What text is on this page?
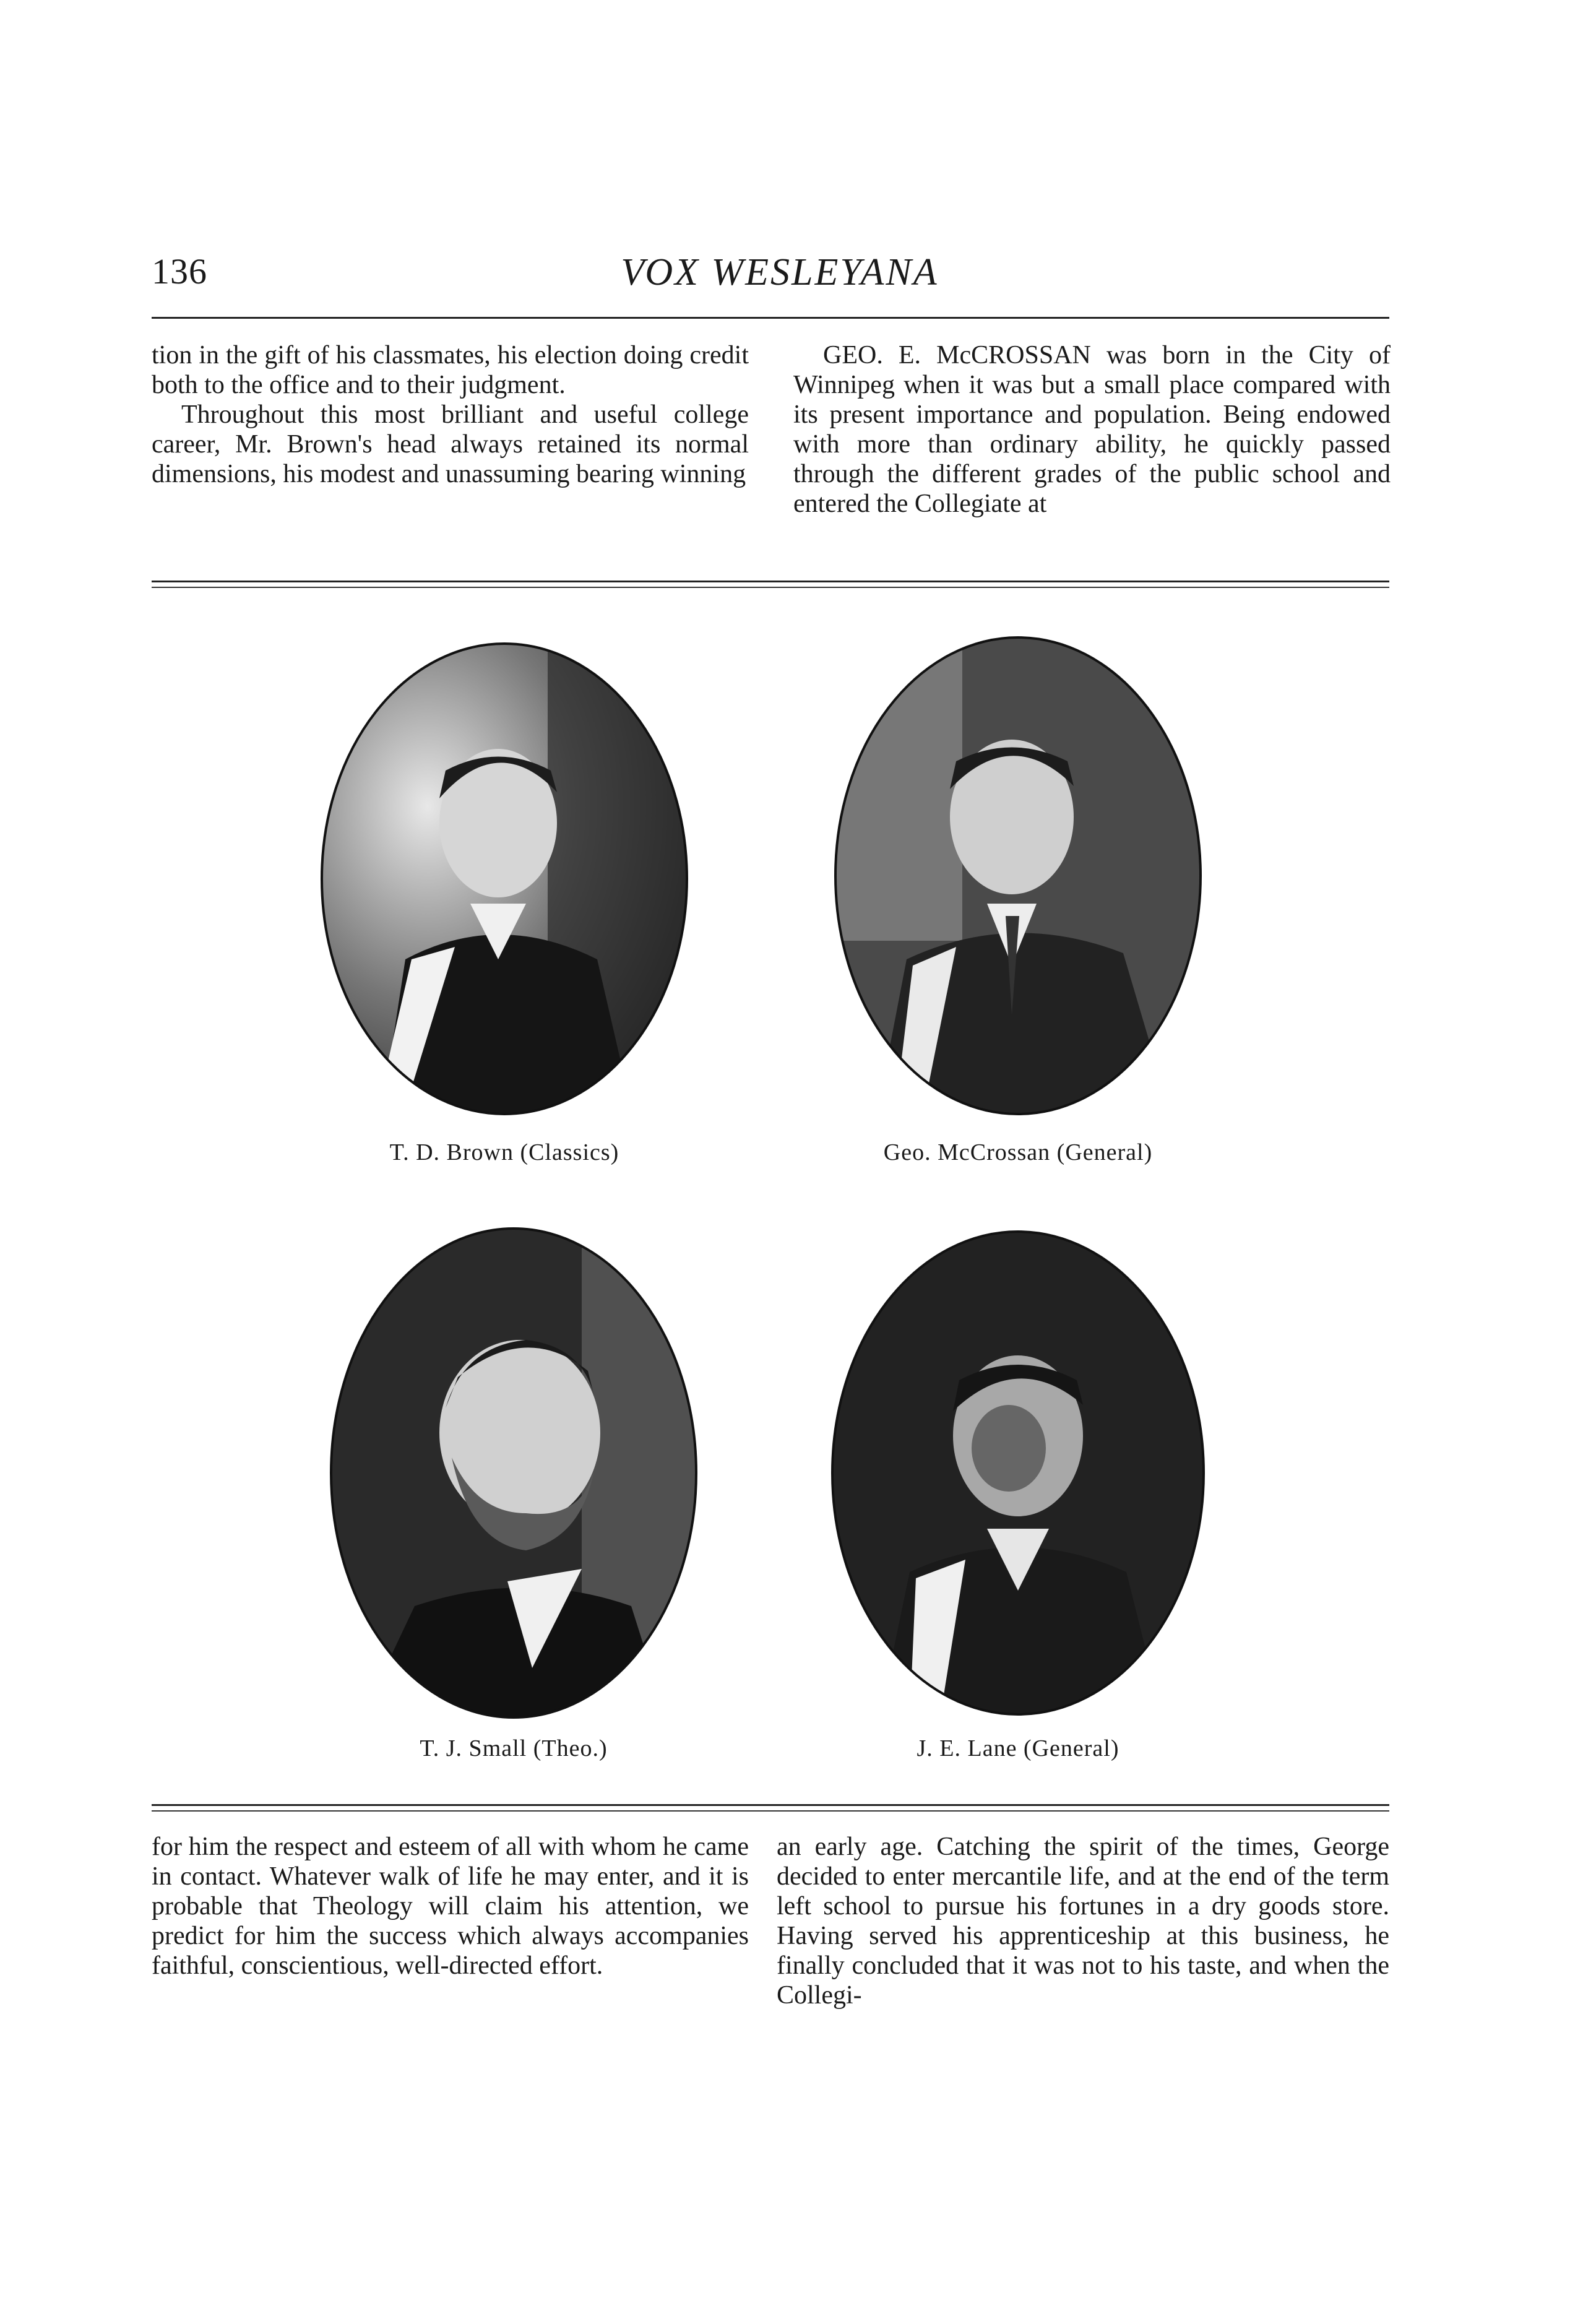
136	VOX WESLEYANA

tion in the gift of his classmates, his election doing credit both to the office and to their judgment.

Throughout this most brilliant and useful college career, Mr. Brown's head always retained its normal dimensions, his modest and unassuming bearing winning

GEO. E. McCROSSAN was born in the City of Winnipeg when it was but a small place compared with its present importance and population. Being endowed with more than ordinary ability, he quickly passed through the different grades of the public school and entered the Collegiate at

T. D. Brown (Classics)	Geo. McCrossan (General)
T. J. Small (Theo.)	J. E. Lane (General)

for him the respect and esteem of all with whom he came in contact. Whatever walk of life he may enter, and it is probable that Theology will claim his attention, we predict for him the success which always accompanies faithful, conscientious, well-directed effort.

an early age. Catching the spirit of the times, George decided to enter mercantile life, and at the end of the term left school to pursue his fortunes in a dry goods store. Having served his apprenticeship at this business, he finally concluded that it was not to his taste, and when the Collegi-
